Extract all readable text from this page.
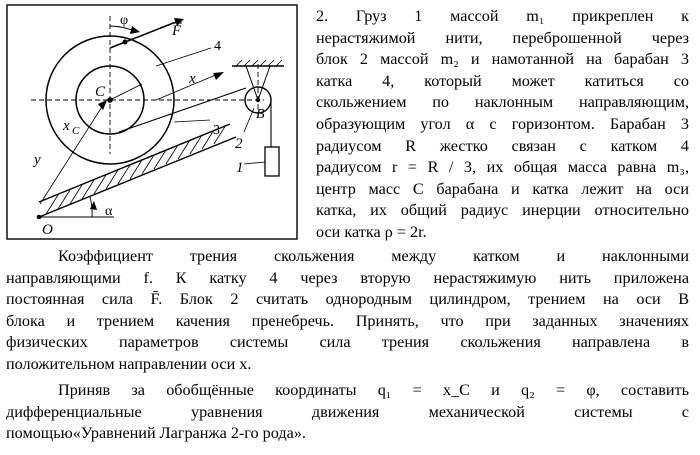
φ
F
4
x
C
x C
y
B
2
3
1
α
O
2. Груз 1 массой m₁ прикреплен к
нерастяжимой нити, переброшенной через
блок 2 массой m₂ и намотанной на барабан 3
катка 4, который может катиться со
скольжением по наклонным направляющим,
образующим угол α с горизонтом. Барабан 3
радиусом R жестко связан с катком 4
радиусом r = R / 3, их общая масса равна m₃,
центр масс C барабана и катка лежит на оси
катка, их общий радиус инерции относительно
оси катка ρ = 2r.
Коэффициент трения скольжения между катком и наклонными
направляющими f. К катку 4 через вторую нерастяжимую нить приложена
постоянная сила F̄. Блок 2 считать однородным цилиндром, трением на оси B
блока и трением качения пренебречь. Принять, что при заданных значениях
физических параметров системы сила трения скольжения направлена в
положительном направлении оси x.
Приняв за обобщённые координаты q₁ = x_C и q₂ = φ, составить
дифференциальные уравнения движения механической системы с
помощью«Уравнений Лагранжа 2-го рода».
